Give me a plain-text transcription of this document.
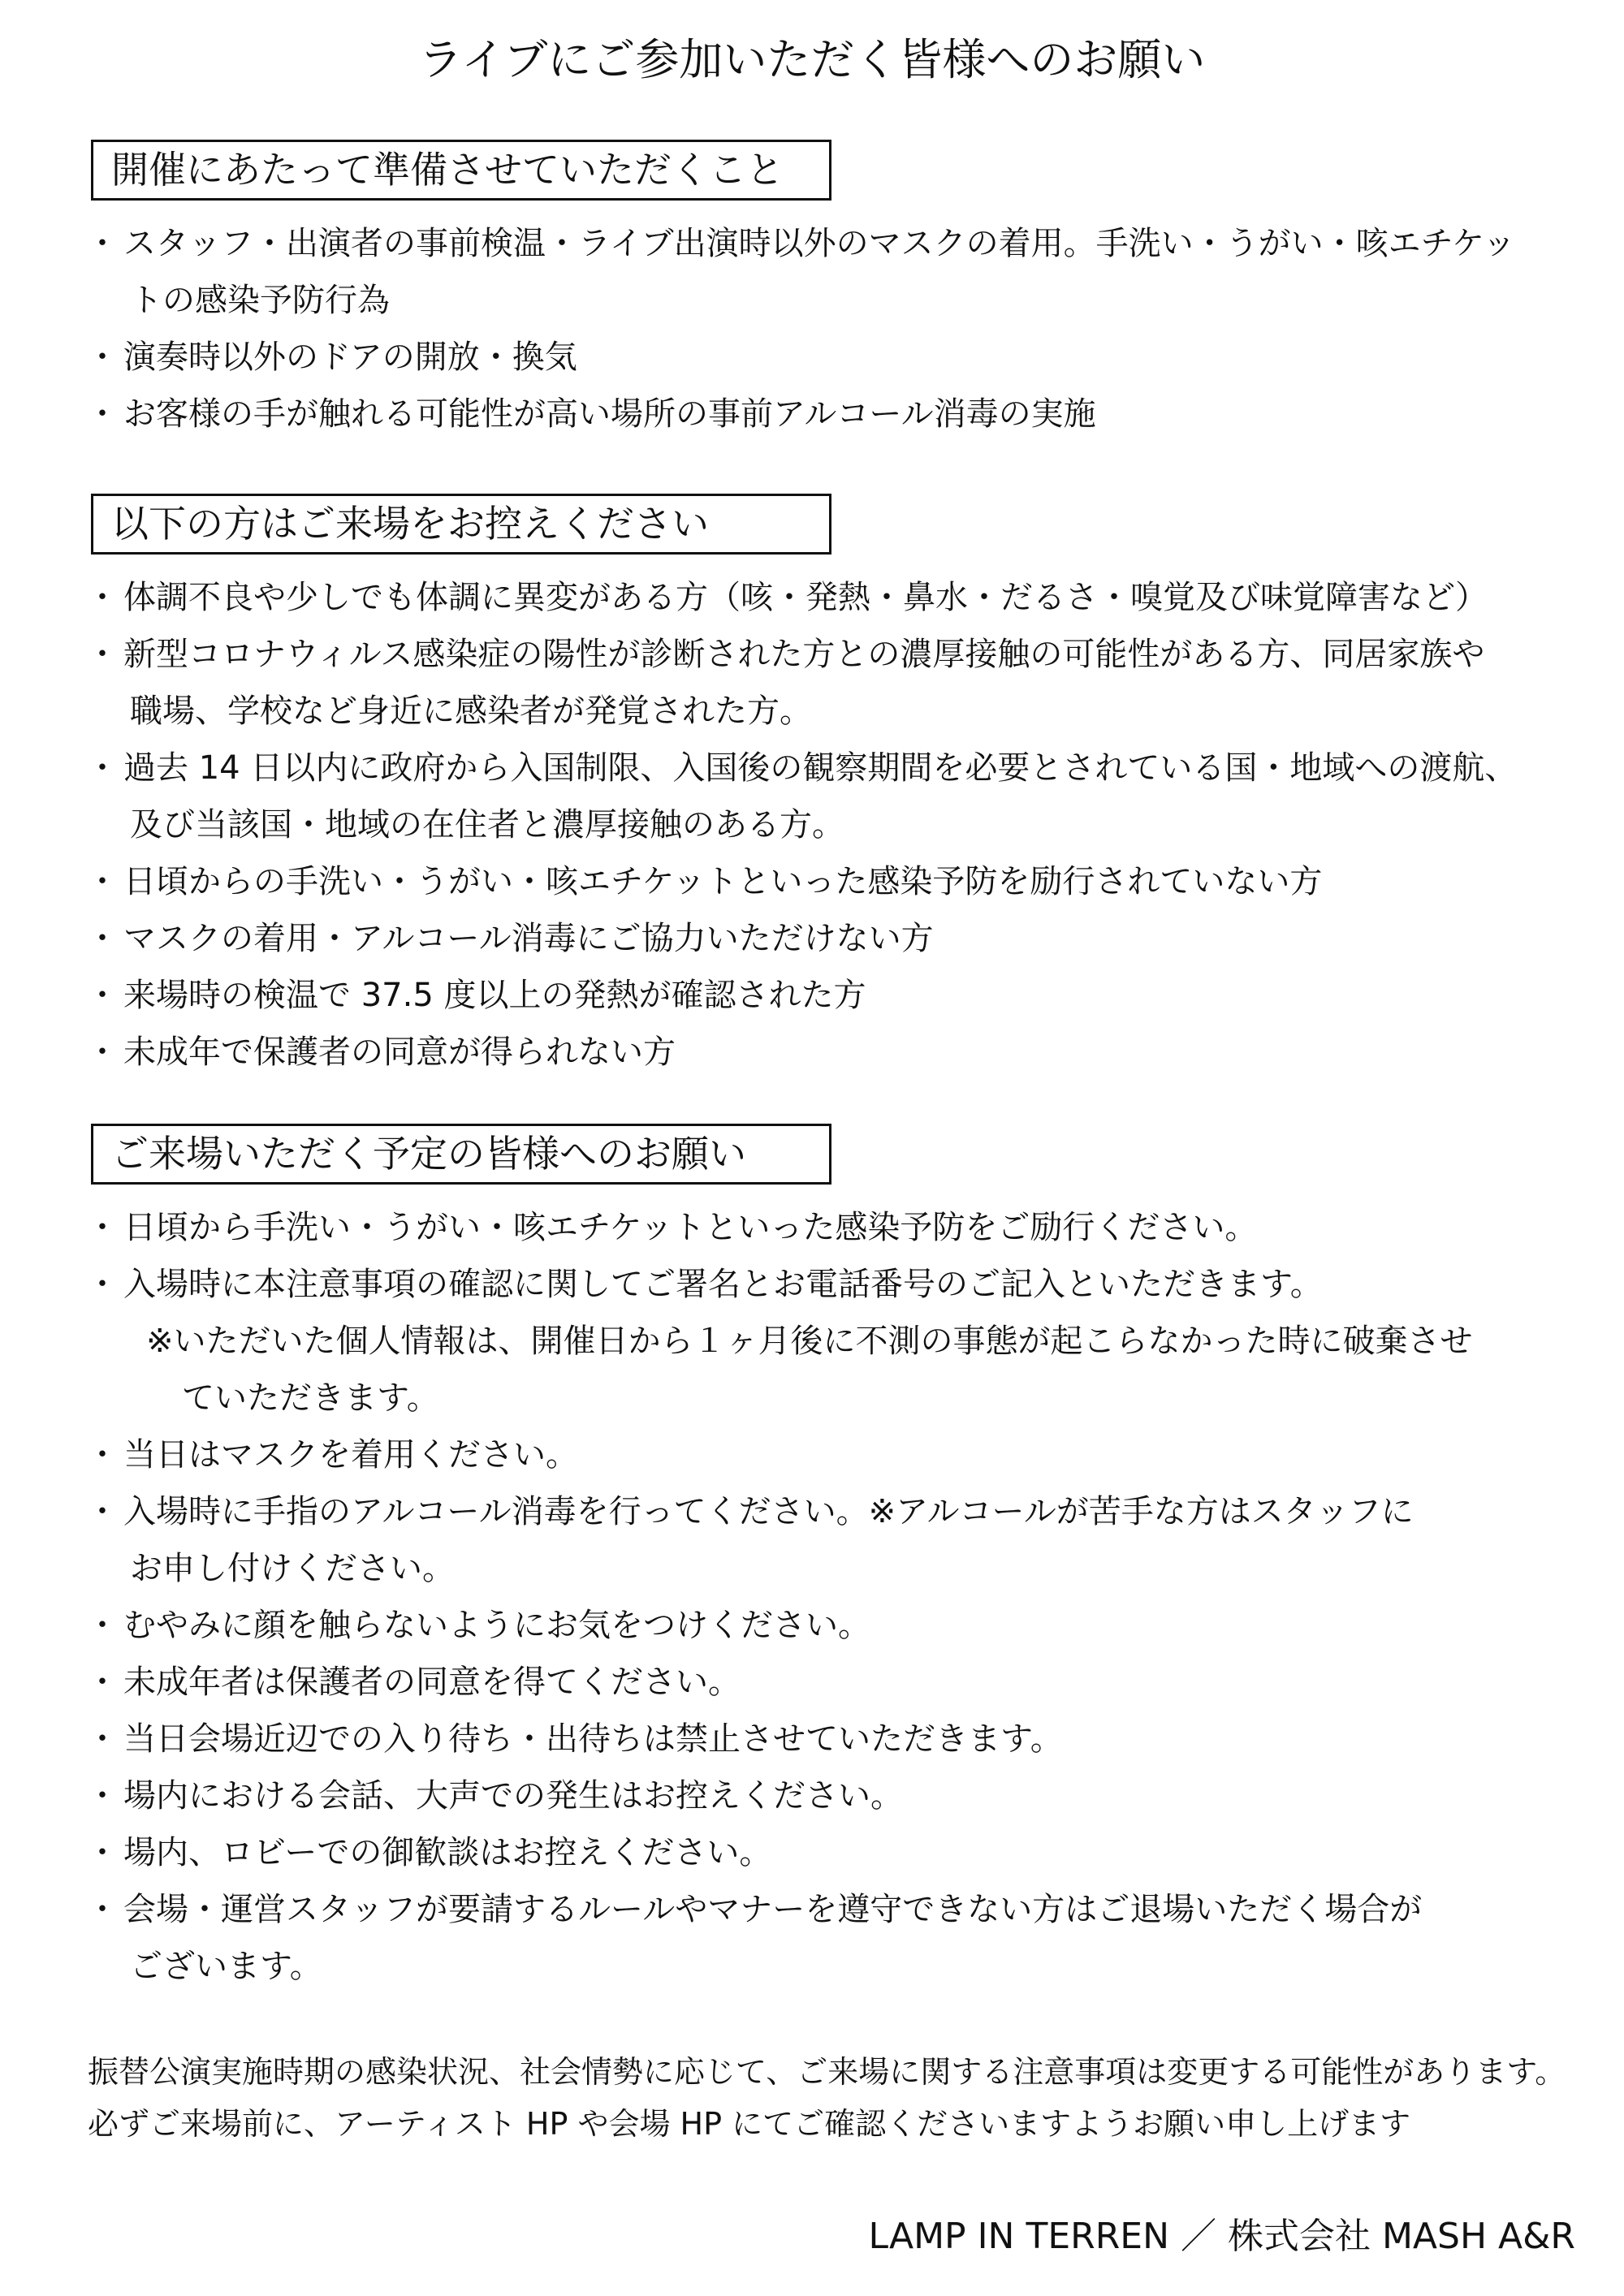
ライブにご参加いただく皆様へのお願い
開催にあたって準備させていただくこと
・ スタッフ・出演者の事前検温・ライブ出演時以外のマスクの着用。手洗い・うがい・咳エチケッ
トの感染予防行為
・ 演奏時以外のドアの開放・換気
・ お客様の手が触れる可能性が高い場所の事前アルコール消毒の実施
以下の方はご来場をお控えください
・ 体調不良や少しでも体調に異変がある方（咳・発熱・鼻水・だるさ・嗅覚及び味覚障害など）
・ 新型コロナウィルス感染症の陽性が診断された方との濃厚接触の可能性がある方、同居家族や
職場、学校など身近に感染者が発覚された方。
・ 過去 14 日以内に政府から入国制限、入国後の観察期間を必要とされている国・地域への渡航、
及び当該国・地域の在住者と濃厚接触のある方。
・ 日頃からの手洗い・うがい・咳エチケットといった感染予防を励行されていない方
・ マスクの着用・アルコール消毒にご協力いただけない方
・ 来場時の検温で 37.5 度以上の発熱が確認された方
・ 未成年で保護者の同意が得られない方
ご来場いただく予定の皆様へのお願い
・ 日頃から手洗い・うがい・咳エチケットといった感染予防をご励行ください。
・ 入場時に本注意事項の確認に関してご署名とお電話番号のご記入といただきます。
※いただいた個人情報は、開催日から１ヶ月後に不測の事態が起こらなかった時に破棄させ
ていただきます。
・ 当日はマスクを着用ください。
・ 入場時に手指のアルコール消毒を行ってください。※アルコールが苦手な方はスタッフに
お申し付けください。
・ むやみに顔を触らないようにお気をつけください。
・ 未成年者は保護者の同意を得てください。
・ 当日会場近辺での入り待ち・出待ちは禁止させていただきます。
・ 場内における会話、大声での発生はお控えください。
・ 場内、ロビーでの御歓談はお控えください。
・ 会場・運営スタッフが要請するルールやマナーを遵守できない方はご退場いただく場合が
ございます。

振替公演実施時期の感染状況、社会情勢に応じて、ご来場に関する注意事項は変更する可能性があります。

必ずご来場前に、アーティスト HP や会場 HP にてご確認くださいますようお願い申し上げます

LAMP IN TERREN ／ 株式会社 MASH A&R
